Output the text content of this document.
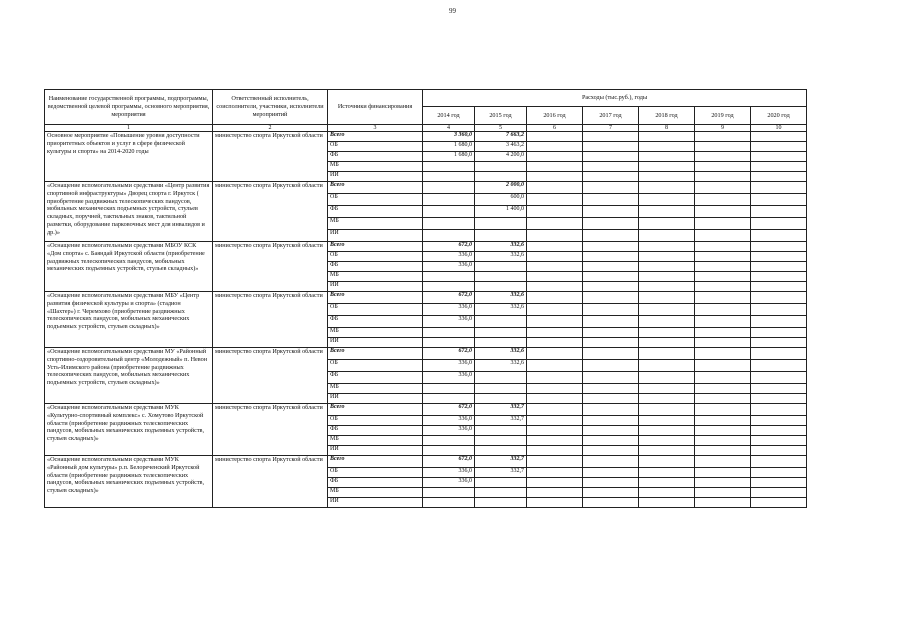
99
Наименование государственной программы, подпрограммы, ведомственной целевой программы, основного мероприятия, мероприятия	Ответственный исполнитель, соисполнители, участники, исполнители мероприятий	Источники финансирования	Расходы (тыс.руб.), годы						
			2014 год	2015 год	2016 год	2017 год	2018 год	2019 год	2020 год
1	2	3	4	5	6	7	8	9	10
Основное мероприятие «Повышение уровня доступности приоритетных объектов и услуг в сфере физической культуры и спорта» на 2014-2020 годы	министерство спорта Иркутской области	Всего	3 360,0	7 663,2					
		ОБ	1 680,0	3 463,2					
		ФБ	1 680,0	4 200,0					
		МБ							
		ИИ							
«Оснащение вспомогательными средствами «Центр развития спортивной инфраструктуры» Дворец спорта г. Иркутск ( приобретение раздвижных телескопических пандусов, мобильных механических подъемных устройств, стульев складных, поручней, тактильных знаков, тактильной разметки, оборудование парковочных мест для инвалидов и др.)»	министерство спорта Иркутской области	Всего		2 000,0					
		ОБ		600,0					
		ФБ		1 400,0					
		МБ							
		ИИ							
«Оснащение вспомогательными средствами МБОУ КСК «Дом спорта» с. Баяндай Иркутской области (приобретение раздвижных телескопических пандусов, мобильных механических подъемных устройств, стульев складных)»	министерство спорта Иркутской области	Всего	672,0	332,6					
		ОБ	336,0	332,6					
		ФБ	336,0						
		МБ							
		ИИ							
«Оснащение вспомогательными средствами МБУ «Центр развития физической культуры и спорта» (стадион «Шахтер») г. Черемхово (приобретение раздвижных телескопических пандусов, мобильных механических подъемных устройств, стульев складных)»	министерство спорта Иркутской области	Всего	672,0	332,6					
		ОБ	336,0	332,6					
		ФБ	336,0						
		МБ							
		ИИ							
«Оснащение вспомогательными средствами МУ «Районный спортивно-оздоровительный центр «Молодежный» п. Невон Усть-Илимского района (приобретение раздвижных телескопических пандусов, мобильных механических подъемных устройств, стульев складных)»	министерство спорта Иркутской области	Всего	672,0	332,6					
		ОБ	336,0	332,6					
		ФБ	336,0						
		МБ							
		ИИ							
«Оснащение вспомогательными средствами МУК «Культурно-спортивный комплекс» с. Хомутово Иркутской области (приобретение раздвижных телескопических пандусов, мобильных механических подъемных устройств, стульев складных)»	министерство спорта Иркутской области	Всего	672,0	332,7					
		ОБ	336,0	332,7					
		ФБ	336,0						
		МБ							
		ИИ							
«Оснащение вспомогательными средствами МУК «Районный дом культуры» р.п. Белореченский Иркутской области (приобретение раздвижных телескопических пандусов, мобильных механических подъемных устройств, стульев складных)»	министерство спорта Иркутской области	Всего	672,0	332,7					
		ОБ	336,0	332,7					
		ФБ	336,0						
		МБ							
		ИИ							
